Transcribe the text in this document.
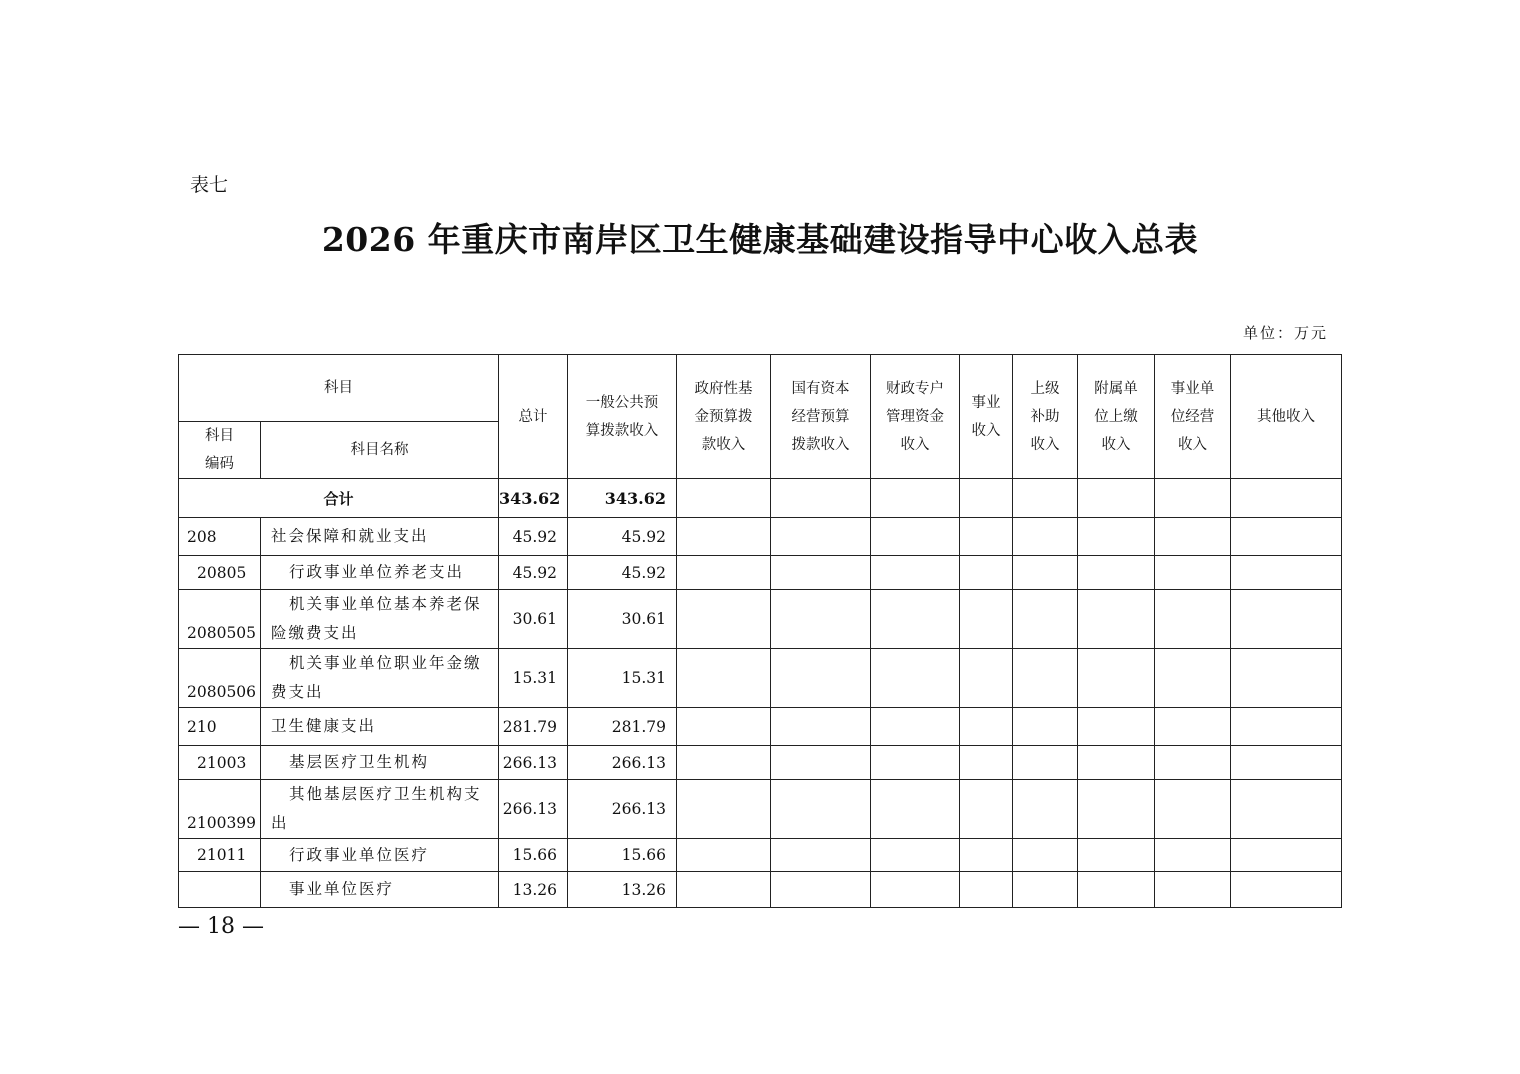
表七
2026 年重庆市南岸区卫生健康基础建设指导中心收入总表
单位：万元
科目		总计	一般公共预算拨款收入	政府性基金预算拨款收入	国有资本经营预算拨款收入	财政专户管理资金收入	事业收入	上级补助收入	附属单位上缴收入	事业单位经营收入	其他收入
科目编码	科目名称										
合计		343.62	343.62								
208	社会保障和就业支出	45.92	45.92								
20805	行政事业单位养老支出	45.92	45.92								
2080505	机关事业单位基本养老保险缴费支出	30.61	30.61								
2080506	机关事业单位职业年金缴费支出	15.31	15.31								
210	卫生健康支出	281.79	281.79								
21003	基层医疗卫生机构	266.13	266.13								
2100399	其他基层医疗卫生机构支出	266.13	266.13								
21011	行政事业单位医疗	15.66	15.66								
	事业单位医疗	13.26	13.26								
— 18 —
